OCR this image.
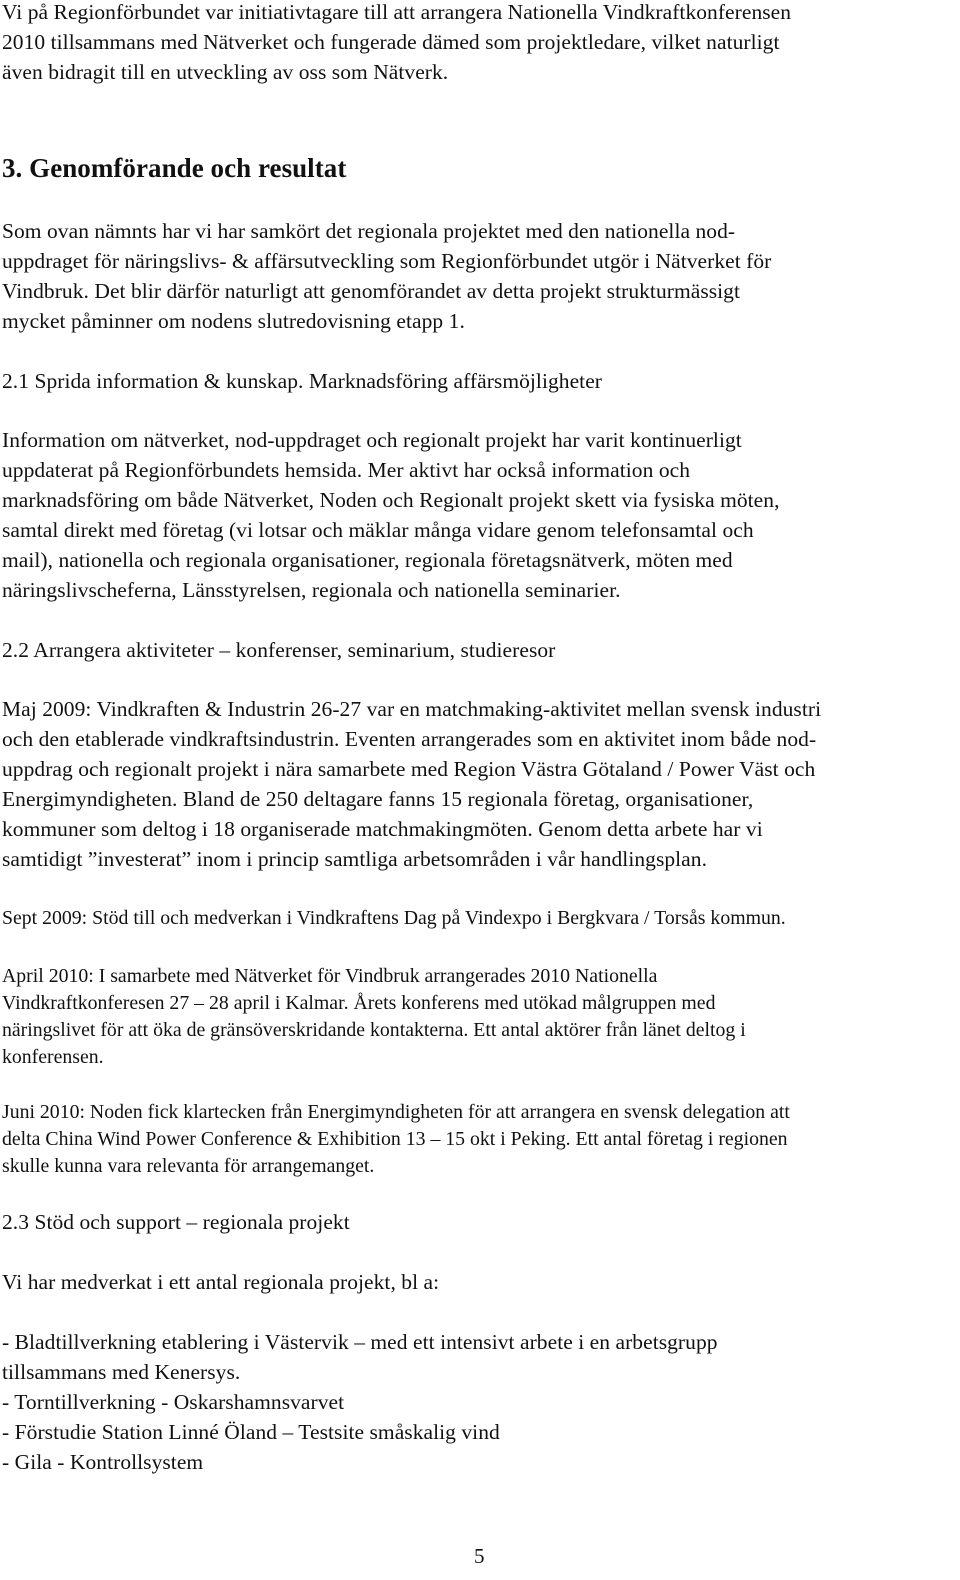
Vi på Regionförbundet var initiativtagare till att arrangera Nationella Vindkraftkonferensen
2010 tillsammans med Nätverket och fungerade dämed som projektledare, vilket naturligt
även bidragit till en utveckling av oss som Nätverk.
3. Genomförande och resultat
Som ovan nämnts har vi har samkört det regionala projektet med den nationella nod-
uppdraget för näringslivs- & affärsutveckling som Regionförbundet utgör i Nätverket för
Vindbruk. Det blir därför naturligt att genomförandet av detta projekt strukturmässigt
mycket påminner om nodens slutredovisning etapp 1.
2.1 Sprida information & kunskap. Marknadsföring affärsmöjligheter
Information om nätverket, nod-uppdraget och regionalt projekt har varit kontinuerligt
uppdaterat på Regionförbundets hemsida. Mer aktivt har också information och
marknadsföring om både Nätverket, Noden och Regionalt projekt skett via fysiska möten,
samtal direkt med företag (vi lotsar och mäklar många vidare genom telefonsamtal och
mail), nationella och regionala organisationer, regionala företagsnätverk, möten med
näringslivscheferna, Länsstyrelsen, regionala och nationella seminarier.
2.2 Arrangera aktiviteter – konferenser, seminarium, studieresor
Maj 2009: Vindkraften & Industrin 26-27 var en matchmaking-aktivitet mellan svensk industri
och den etablerade vindkraftsindustrin. Eventen arrangerades som en aktivitet inom både nod-
uppdrag och regionalt projekt i nära samarbete med Region Västra Götaland / Power Väst och
Energimyndigheten. Bland de 250 deltagare fanns 15 regionala företag, organisationer,
kommuner som deltog i 18 organiserade matchmakingmöten. Genom detta arbete har vi
samtidigt ”investerat” inom i princip samtliga arbetsområden i vår handlingsplan.
Sept 2009: Stöd till och medverkan i Vindkraftens Dag på Vindexpo i Bergkvara / Torsås kommun.
April 2010: I samarbete med Nätverket för Vindbruk arrangerades 2010 Nationella
Vindkraftkonferesen 27 – 28 april i Kalmar. Årets konferens med utökad målgruppen med
näringslivet för att öka de gränsöverskridande kontakterna. Ett antal aktörer från länet deltog i
konferensen.
Juni 2010: Noden fick klartecken från Energimyndigheten för att arrangera en svensk delegation att
delta China Wind Power Conference & Exhibition 13 – 15 okt i Peking. Ett antal företag i regionen
skulle kunna vara relevanta för arrangemanget.
2.3 Stöd och support – regionala projekt
Vi har medverkat i ett antal regionala projekt, bl a:
- Bladtillverkning etablering i Västervik – med ett intensivt arbete i en arbetsgrupp
tillsammans med Kenersys.
- Torntillverkning - Oskarshamnsvarvet
- Förstudie Station Linné Öland – Testsite småskalig vind
- Gila - Kontrollsystem
5
